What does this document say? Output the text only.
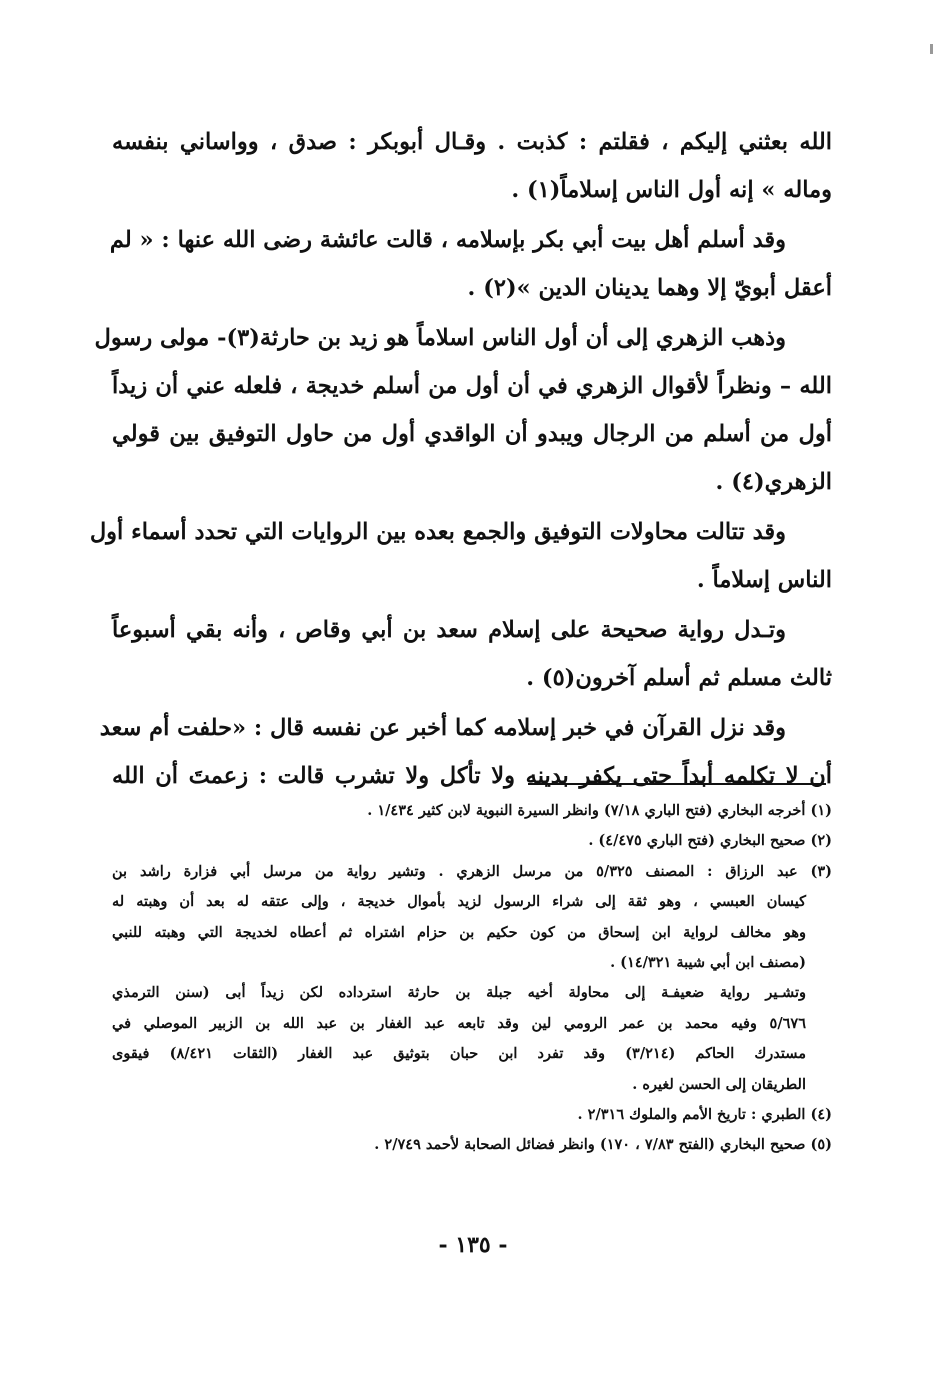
الله بعثني إليكم ، فقلتم : كذبت . وقـال أبوبكر : صدق ، وواساني بنفسه
وماله » إنه أول الناس إسلاماً(١) .
وقد أسلم أهل بيت أبي بكر بإسلامه ، قالت عائشة رضى الله عنها : « لم
أعقل أبويّ إلا وهما يدينان الدين »(٢) .
وذهب الزهري إلى أن أول الناس اسلاماً هو زيد بن حارثة(٣)- مولى رسول
الله – ونظراً لأقوال الزهري في أن أول من أسلم خديجة ، فلعله عني أن زيداً
أول من أسلم من الرجال ويبدو أن الواقدي أول من حاول التوفيق بين قولي
الزهري(٤) .
وقد تتالت محاولات التوفيق والجمع بعده بين الروايات التي تحدد أسماء أول
الناس إسلاماً .
وتـدل رواية صحيحة على إسلام سعد بن أبي وقاص ، وأنه بقي أسبوعاً
ثالث مسلم ثم أسلم آخرون(٥) .
وقد نزل القرآن في خبر إسلامه كما أخبر عن نفسه قال : «حلفت أم سعد
أن لا تكلمه أبداً حتى يكفر بدينه ولا تأكل ولا تشرب قالت : زعمتَ أن الله
(١) أخرجه البخاري (فتح الباري ٧/١٨) وانظر السيرة النبوية لابن كثير ١/٤٣٤ .
(٢) صحيح البخاري (فتح الباري ٤/٤٧٥) .
(٣) عبد الرزاق : المصنف ٥/٣٢٥ من مرسل الزهري . وتشير رواية من مرسل أبي فزارة راشد بن
كيسان العبسي ، وهو ثقة إلى شراء الرسول لزيد بأموال خديجة ، وإلى عتقه له بعد أن وهبته له
وهو مخالف لرواية ابن إسحاق من كون حكيم بن حزام اشتراه ثم أعطاه لخديجة التي وهبته للنبي
(مصنف ابن أبي شيبة ١٤/٣٢١) .
وتشـير رواية ضعيفـة إلى محاولة أخيه جبلة بن حارثة استرداده لكن زيداً أبى (سنن الترمذي
٥/٦٧٦ وفيه محمد بن عمر الرومي لين وقد تابعه عبد الغفار بن عبد الله بن الزبير الموصلي في
مستدرك الحاكم (٣/٢١٤) وقد تفرد ابن حبان بتوثيق عبد الغفار (الثقات ٨/٤٢١) فيقوى
الطريقان إلى الحسن لغيره .
(٤) الطبري : تاريخ الأمم والملوك ٢/٣١٦ .
(٥) صحيح البخاري (الفتح ٧/٨٣ ، ١٧٠) وانظر فضائل الصحابة لأحمد ٢/٧٤٩ .
- ١٣٥ -
